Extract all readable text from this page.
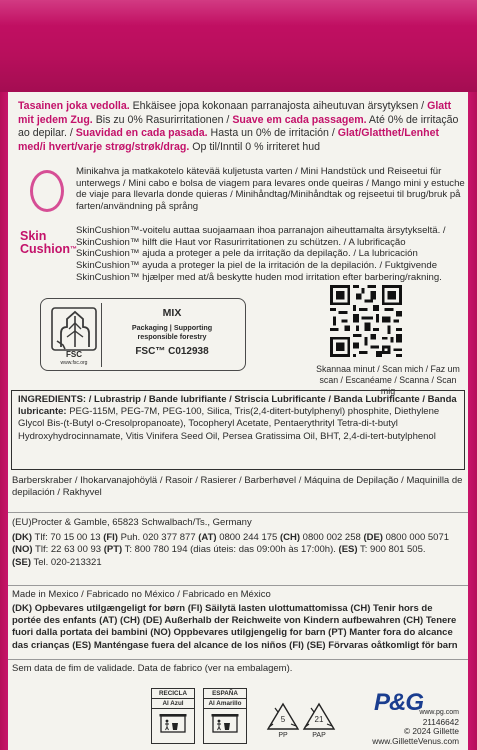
Tasainen joka vedolla. Ehkäisee jopa kokonaan parranajosta aiheutuvan ärsytyksen / Glatt mit jedem Zug. Bis zu 0% Rasurirritationen / Suave em cada passagem. Até 0% de irritação ao depilar. / Suavidad en cada pasada. Hasta un 0% de irritación / Glat/Glatthet/Lenhet med/i hvert/varje strøg/strøk/drag. Op til/Inntil 0 % irriteret hud
Minikahva ja matkakotelo kätevää kuljetusta varten / Mini Handstück und Reiseetui für unterwegs / Mini cabo e bolsa de viagem para levares onde queiras / Mango mini y estuche de viaje para llevarla donde quieras / Minihåndtag/Minihåndtak og rejseetui til brug/bruk på farten/användning på språng
Skin
Cushion™
SkinCushion™-voitelu auttaa suojaamaan ihoa parranajon aiheuttamalta ärsytykseltä. / SkinCushion™ hilft die Haut vor Rasurirritationen zu schützen. / A lubrificação SkinCushion™ ajuda a proteger a pele da irritação da depilação. / La lubricación SkinCushion™ ayuda a proteger la piel de la irritación de la depilación. / Fuktgivende SkinCushion™ hjælper med at/å beskytte huden mod irritation efter barbering/rakning.
FSC
www.fsc.org
MIX
Packaging | Supporting
responsible forestry
FSC™ C012938
Skannaa minut / Scan mich / Faz um scan / Escanéame / Scanna / Scan mig
INGREDIENTS: / Lubrastrip / Bande lubrifiante / Striscia Lubrificante / Banda Lubrificante / Banda lubricante: PEG-115M, PEG-7M, PEG-100, Silica, Tris(2,4-ditert-butylphenyl) phosphite, Diethylene Glycol Bis-(t-Butyl o-Cresolpropanoate), Tocopheryl Acetate, Pentaerythrityl Tetra-di-t-butyl Hydroxyhydrocinnamate, Vitis Vinifera Seed Oil, Persea Gratissima Oil, BHT, 2,4-di-tert-butylphenol
Barberskraber / Ihokarvanajohöylä / Rasoir / Rasierer / Barberhøvel / Máquina de Depilação / Maquinilla de depilación / Rakhyvel
(EU)Procter & Gamble, 65823 Schwalbach/Ts., Germany
(DK) Tlf: 70 15 00 13 (FI) Puh. 020 377 877 (AT) 0800 244 175 (CH) 0800 002 258 (DE) 0800 000 5071
(NO) Tlf: 22 63 00 93 (PT) T: 800 780 194 (dias úteis: das 09:00h às 17:00h). (ES) T: 900 801 505.
(SE) Tel. 020-213321
Made in Mexico / Fabricado no México / Fabricado en México
(DK) Opbevares utilgængeligt for børn (FI) Säilytä lasten ulottumattomissa (CH) Tenir hors de portée des enfants (AT) (CH) (DE) Außerhalb der Reichweite von Kindern aufbewahren (CH) Tenere fuori dalla portata dei bambini (NO) Oppbevares utilgjengelig for barn (PT) Manter fora do alcance das crianças (ES) Manténgase fuera del alcance de los niños (FI) (SE) Förvaras oåtkomligt för barn
Sem data de fim de validade. Data de fabrico (ver na embalagem).
RECICLA
Al Azul
ESPAÑA
Al Amarillo
5
PP
21
PAP
P&G
www.pg.com
21146642
© 2024 Gillette
www.GilletteVenus.com
